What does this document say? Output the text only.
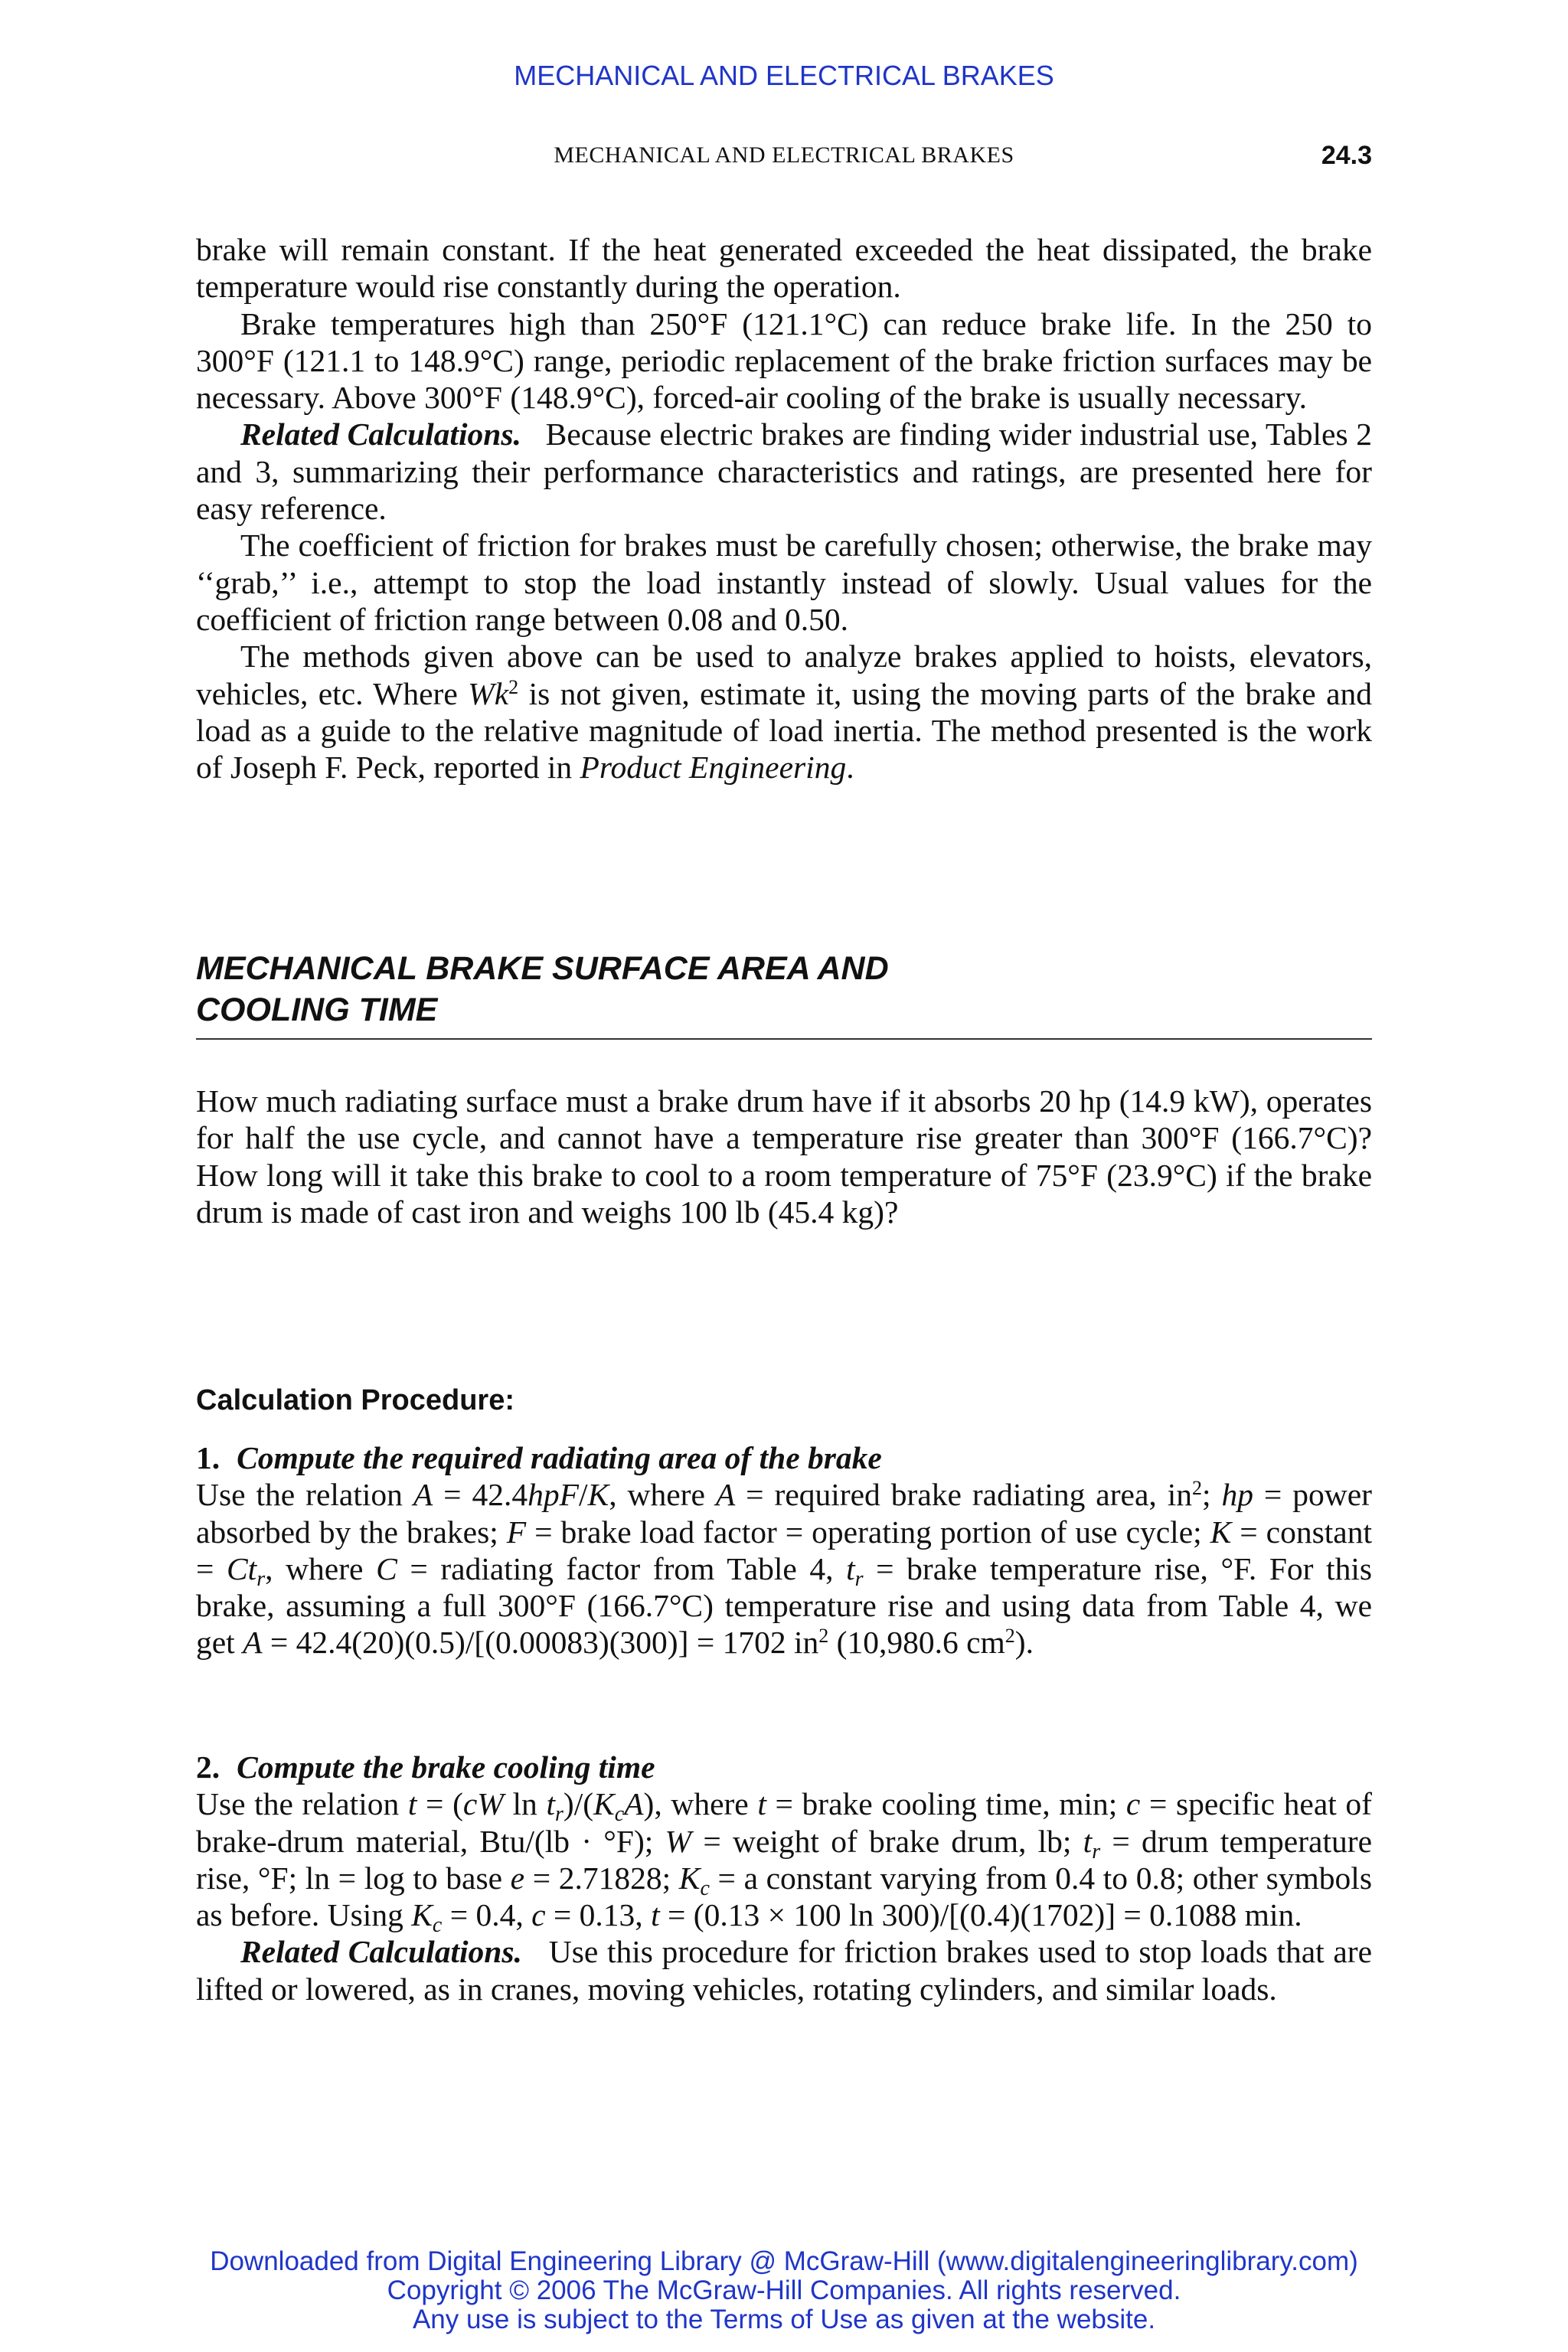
MECHANICAL AND ELECTRICAL BRAKES
MECHANICAL AND ELECTRICAL BRAKES	24.3

brake will remain constant. If the heat generated exceeded the heat dissipated, the brake temperature would rise constantly during the operation.

Brake temperatures high than 250°F (121.1°C) can reduce brake life. In the 250 to 300°F (121.1 to 148.9°C) range, periodic replacement of the brake friction surfaces may be necessary. Above 300°F (148.9°C), forced-air cooling of the brake is usually necessary.

Related Calculations. Because electric brakes are finding wider industrial use, Tables 2 and 3, summarizing their performance characteristics and ratings, are presented here for easy reference.

The coefficient of friction for brakes must be carefully chosen; otherwise, the brake may ‘‘grab,’’ i.e., attempt to stop the load instantly instead of slowly. Usual values for the coefficient of friction range between 0.08 and 0.50.

The methods given above can be used to analyze brakes applied to hoists, elevators, vehicles, etc. Where Wk$^2$ is not given, estimate it, using the moving parts of the brake and load as a guide to the relative magnitude of load inertia. The method presented is the work of Joseph F. Peck, reported in Product Engineering.

MECHANICAL BRAKE SURFACE AREA AND
COOLING TIME

How much radiating surface must a brake drum have if it absorbs 20 hp (14.9 kW), operates for half the use cycle, and cannot have a temperature rise greater than 300°F (166.7°C)? How long will it take this brake to cool to a room temperature of 75°F (23.9°C) if the brake drum is made of cast iron and weighs 100 lb (45.4 kg)?

Calculation Procedure:

1. Compute the required radiating area of the brake

Use the relation A = 42.4hpF/K, where A = required brake radiating area, $in^2$; hp = power absorbed by the brakes; F = brake load factor = operating portion of use cycle; K = constant = $Ct_r$, where C = radiating factor from Table 4, $t_r$ = brake temperature rise, °F. For this brake, assuming a full 300°F (166.7°C) temperature rise and using data from Table 4, we get A = 42.4(20)(0.5)/[(0.00083)(300)] = 1702 $in^2$ (10,980.6 $cm^2$).

2. Compute the brake cooling time

Use the relation t = (cW $\ln t_r)/(K_cA)$, where t = brake cooling time, min; c = specific heat of brake-drum material, Btu/(lb · °F); W = weight of brake drum, lb; $t_r$ = drum temperature rise, °F; ln = log to base e = 2.71828; $K_c = a$ constant varying from 0.4 to 0.8; other symbols as before. Using $K_c = 0.4$, c = 0.13, t = (0.13 × 100 ln 300)/[(0.4)(1702)] = 0.1088 min.

Related Calculations. Use this procedure for friction brakes used to stop loads that are lifted or lowered, as in cranes, moving vehicles, rotating cylinders, and similar loads.

Downloaded from Digital Engineering Library @ McGraw-Hill (www.digitalengineeringlibrary.com)
Copyright © 2006 The McGraw-Hill Companies. All rights reserved.
Any use is subject to the Terms of Use as given at the website.
